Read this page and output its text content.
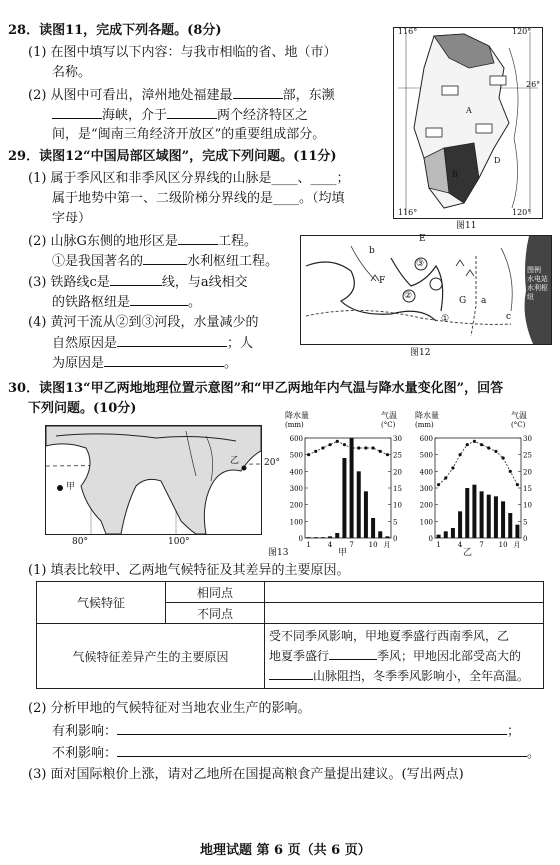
28．读图11，完成下列各题。(8分)
(1) 在图中填写以下内容：与我市相临的省、地（市）
名称。
(2) 从图中可看出，漳州地处福建最	部，东濒
海峡，介于	两个经济特区之
间，是“闽南三角经济开放区”的重要组成部分。
116°	120°
116°	120°
26°
A
B
D
图11
29．读图12“中国局部区域图”，完成下列问题。(11分)
(1) 属于季风区和非季风区分界线的山脉是____、____；
属于地势中第一、二级阶梯分界线的是____。（均填
字母）
(2) 山脉G东侧的地形区是	工程。
①是我国著名的	水利枢纽工程。
(3) 铁路线c是	线，与a线相交
的铁路枢纽是	。
(4) 黄河干流从②到③河段，水量减少的
自然原因是	；人
为原因是	。
b
E
F
G a
c
②
③
①
图例
水电站
水利枢纽
图12
30．读图13“甲乙两地地理位置示意图”和“甲乙两地年内气温与降水量变化图”，回答
下列问题。(10分)
甲
乙	20°
80°	100°
图13
降水量
(mm)
气温
(°C)
600
500
400
300
200
100
0
30
25
20
15
10
5
0
1 4 7 10 月
降水量
(mm)
气温
(°C)
600
500
400
300
200
100
0
30
25
20
15
10
5
0
1 4 7 10 月
甲	乙
(1) 填表比较甲、乙两地气候特征及其差异的主要原因。
气候特征	相同点	
	不同点	
气候特征差异产生的主要原因		受不同季风影响，甲地夏季盛行西南季风，乙
地夏季盛行 季风；甲地因北部受高大的
山脉阻挡，冬季季风影响小，全年高温。
(2) 分析甲地的气候特征对当地农业生产的影响。
有利影响：	；
不利影响：	。
(3) 面对国际粮价上涨，请对乙地所在国提高粮食产量提出建议。(写出两点)
地理试题 第 6 页（共 6 页）
